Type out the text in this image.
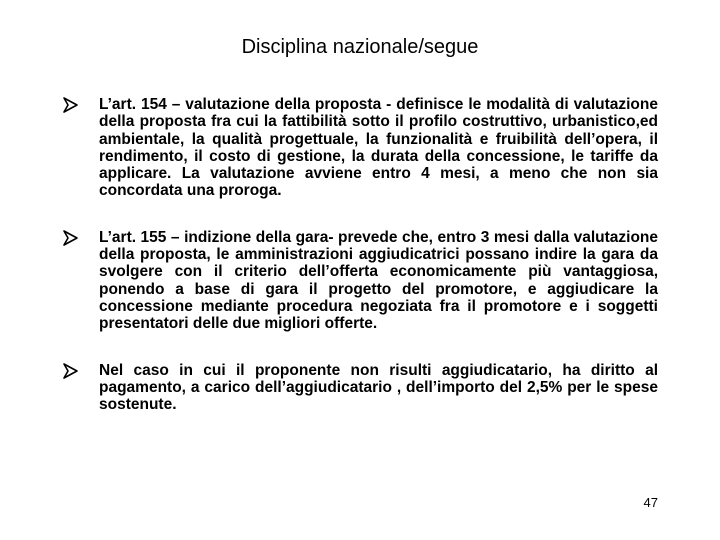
Disciplina nazionale/segue
L’art. 154 – valutazione della proposta - definisce le modalità di valutazione della proposta fra cui la fattibilità sotto il profilo costruttivo, urbanistico,ed ambientale, la qualità progettuale, la funzionalità e fruibilità dell’opera, il rendimento, il costo di gestione, la durata della concessione, le tariffe da applicare. La valutazione avviene entro 4 mesi, a meno che non sia concordata una proroga.
L’art. 155 – indizione della gara- prevede che, entro 3 mesi dalla valutazione della proposta, le amministrazioni aggiudicatrici possano indire la gara da svolgere con il criterio dell’offerta economicamente più vantaggiosa, ponendo a base di gara il progetto del promotore, e aggiudicare la concessione mediante procedura negoziata fra il promotore e i soggetti presentatori delle due migliori offerte.
Nel caso in cui il proponente non risulti aggiudicatario, ha diritto al pagamento, a carico dell’aggiudicatario , dell’importo del 2,5% per le spese sostenute.
47
